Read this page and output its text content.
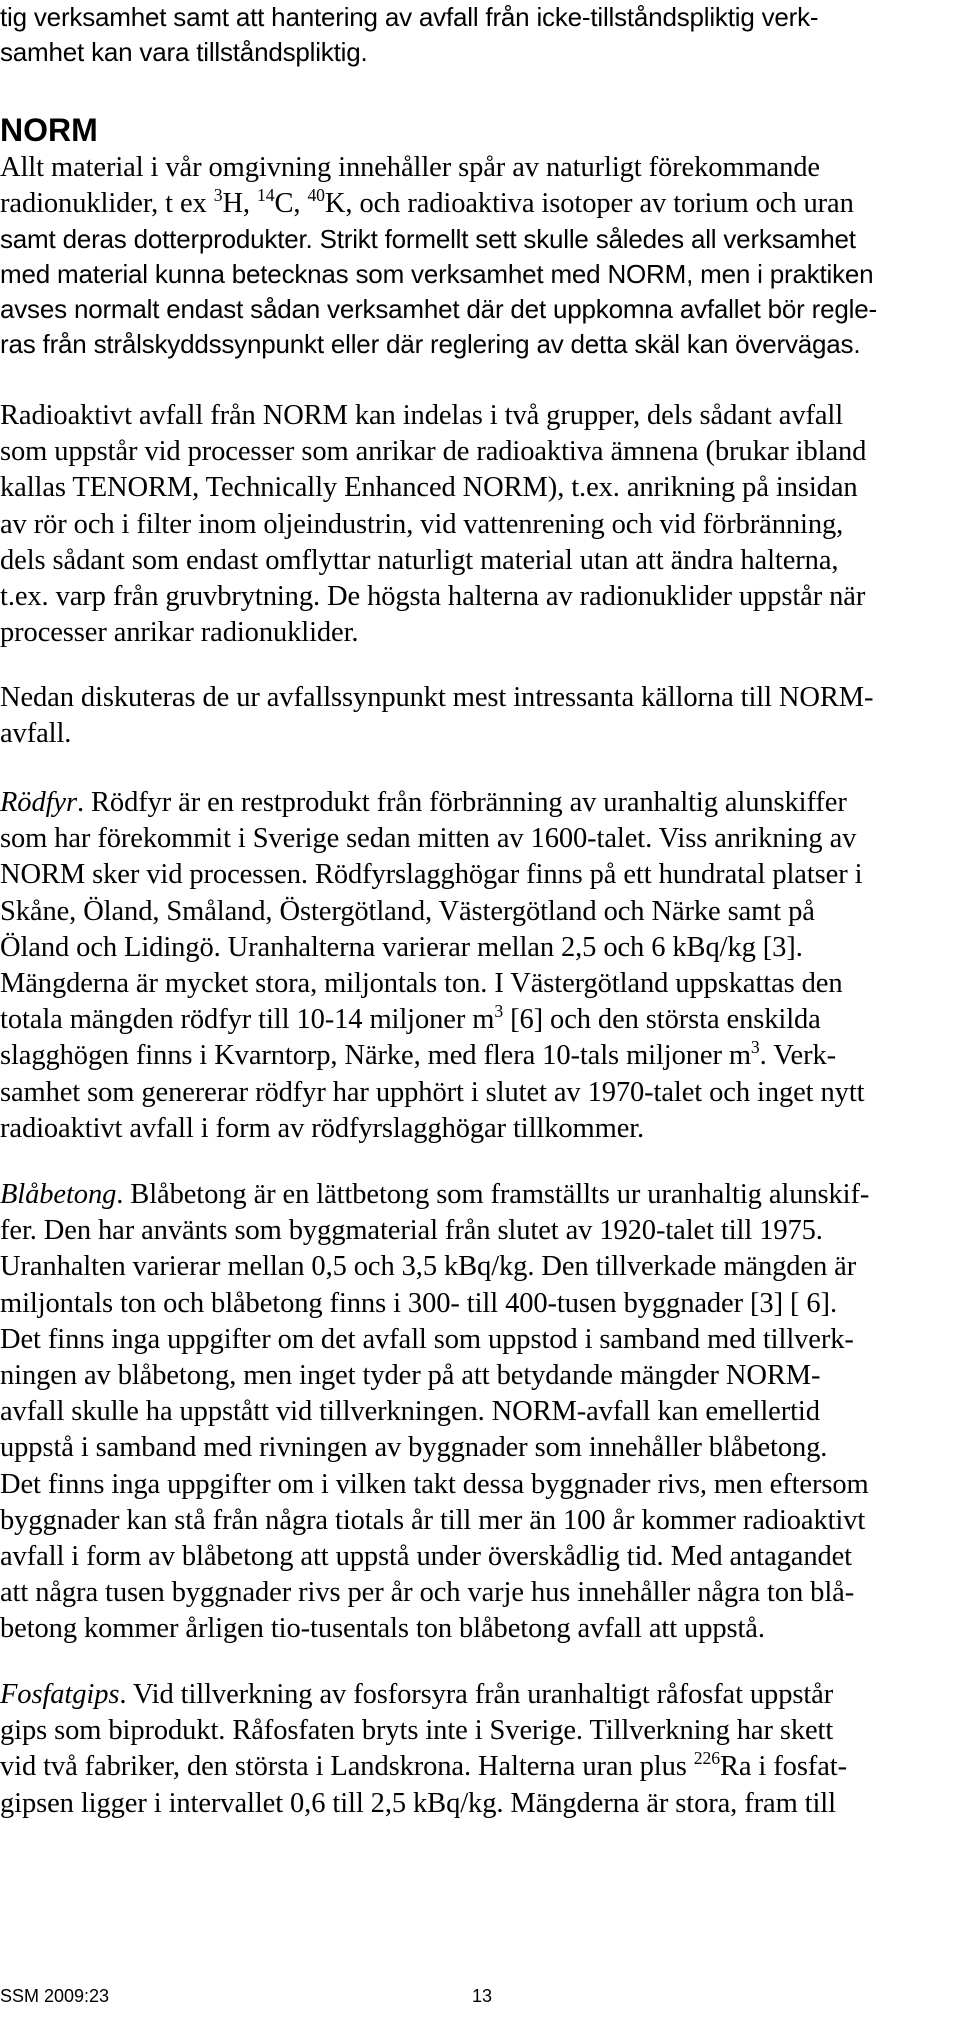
tig verksamhet samt att hantering av avfall från icke-tillståndspliktig verk-
samhet kan vara tillståndspliktig.
NORM
Allt material i vår omgivning innehåller spår av naturligt förekommande
radionuklider, t ex $^3$H, $^{14}$C, $^{40}$K, och radioaktiva isotoper av torium och uran
samt deras dotterprodukter. Strikt formellt sett skulle således all verksamhet
med material kunna betecknas som verksamhet med NORM, men i praktiken
avses normalt endast sådan verksamhet där det uppkomna avfallet bör regle-
ras från strålskyddssynpunkt eller där reglering av detta skäl kan övervägas.
Radioaktivt avfall från NORM kan indelas i två grupper, dels sådant avfall
som uppstår vid processer som anrikar de radioaktiva ämnena (brukar ibland
kallas TENORM, Technically Enhanced NORM), t.ex. anrikning på insidan
av rör och i filter inom oljeindustrin, vid vattenrening och vid förbränning,
dels sådant som endast omflyttar naturligt material utan att ändra halterna,
t.ex. varp från gruvbrytning. De högsta halterna av radionuklider uppstår när
processer anrikar radionuklider.
Nedan diskuteras de ur avfallssynpunkt mest intressanta källorna till NORM-
avfall.
Rödfyr. Rödfyr är en restprodukt från förbränning av uranhaltig alunskiffer
som har förekommit i Sverige sedan mitten av 1600-talet. Viss anrikning av
NORM sker vid processen. Rödfyrslagghögar finns på ett hundratal platser i
Skåne, Öland, Småland, Östergötland, Västergötland och Närke samt på
Öland och Lidingö. Uranhalterna varierar mellan 2,5 och 6 kBq/kg [3].
Mängderna är mycket stora, miljontals ton. I Västergötland uppskattas den
totala mängden rödfyr till 10-14 miljoner $m^3$ [6] och den största enskilda
slagghögen finns i Kvarntorp, Närke, med flera 10-tals miljoner $m^3$. Verk-
samhet som genererar rödfyr har upphört i slutet av 1970-talet och inget nytt
radioaktivt avfall i form av rödfyrslagghögar tillkommer.
Blåbetong. Blåbetong är en lättbetong som framställts ur uranhaltig alunskif-
fer. Den har använts som byggmaterial från slutet av 1920-talet till 1975.
Uranhalten varierar mellan 0,5 och 3,5 kBq/kg. Den tillverkade mängden är
miljontals ton och blåbetong finns i 300- till 400-tusen byggnader [3] [ 6].
Det finns inga uppgifter om det avfall som uppstod i samband med tillverk-
ningen av blåbetong, men inget tyder på att betydande mängder NORM-
avfall skulle ha uppstått vid tillverkningen. NORM-avfall kan emellertid
uppstå i samband med rivningen av byggnader som innehåller blåbetong.
Det finns inga uppgifter om i vilken takt dessa byggnader rivs, men eftersom
byggnader kan stå från några tiotals år till mer än 100 år kommer radioaktivt
avfall i form av blåbetong att uppstå under överskådlig tid. Med antagandet
att några tusen byggnader rivs per år och varje hus innehåller några ton blå-
betong kommer årligen tio-tusentals ton blåbetong avfall att uppstå.
Fosfatgips. Vid tillverkning av fosforsyra från uranhaltigt råfosfat uppstår
gips som biprodukt. Råfosfaten bryts inte i Sverige. Tillverkning har skett
vid två fabriker, den största i Landskrona. Halterna uran plus $^{226}$Ra i fosfat-
gipsen ligger i intervallet 0,6 till 2,5 kBq/kg. Mängderna är stora, fram till
SSM 2009:23	13
